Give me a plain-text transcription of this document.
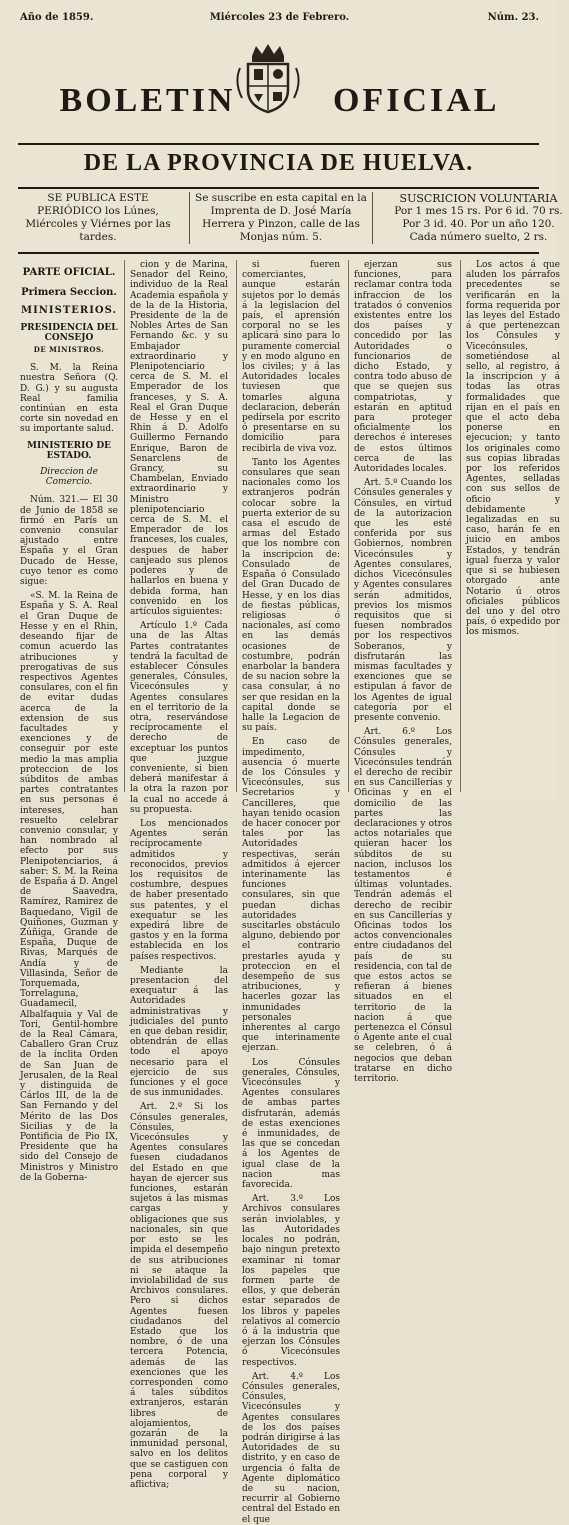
Año de 1859.	Miércoles 23 de Febrero.	Núm. 23.
BOLETIN	OFICIAL
DE LA PROVINCIA DE HUELVA.
SE PUBLICA ESTE PERIÓDICO los Lúnes, Miércoles y Viérnes por las tardes.
Se suscribe en esta capital en la Imprenta de D. José María Herrera y Pinzon, calle de las Monjas núm. 5.
SUSCRICION VOLUNTARIA
Por 1 mes 15 rs. Por 6 id. 70 rs.
Por 3 id. 40. Por un año 120.
Cada número suelto, 2 rs.
PARTE OFICIAL.
Primera Seccion.
MINISTERIOS.
PRESIDENCIA DEL CONSEJO
DE MINISTROS.

S. M. la Reina nuestra Señora (Q. D. G.) y su augusta Real familia continúan en esta corte sin novedad en su importante salud.

MINISTERIO DE ESTADO.
Direccion de Comercio.

Núm. 321.— El 30 de Junio de 1858 se firmó en París un convenio consular ajustado entre España y el Gran Ducado de Hesse, cuyo tenor es como sigue:

«S. M. la Reina de España y S. A. Real el Gran Duque de Hesse y en el Rhin, deseando fijar de comun acuerdo las atribuciones y prerogativas de sus respectivos Agentes consulares, con el fin de evitar dudas acerca de la extension de sus facultades y exenciones y de conseguir por este medio la mas amplia proteccion de los súbditos de ambas partes contratantes en sus personas é intereses, han resuelto celebrar convenio consular, y han nombrado al efecto por sus Plenipotenciarios, á saber: S. M. la Reina de España á D. Angel de Saavedra, Ramírez, Ramirez de Baquedano, Vigil de Quiñones, Guzman y Zúñiga, Grande de España, Duque de Rivas, Marqués de Andía y de Villasinda, Señor de Torquemada, Torrelaguna, Guadamecil, Albalfaquia y Val de Tori, Gentil-hombre de la Real Cámara, Caballero Gran Cruz de la ínclita Orden de San Juan de Jerusalen, de la Real y distinguida de Cárlos III, de la de San Fernando y del Mérito de las Dos Sicilias y de la Pontificia de Pio IX, Presidente que ha sido del Consejo de Ministros y Ministro de la Goberna-

cion y de Marina, Senador del Reino, individuo de la Real Academia española y de la de la Historia, Presidente de la de Nobles Artes de San Fernando &c. y su Embajador extraordinario y Plenipotenciario cerca de S. M. el Emperador de los franceses, y S. A. Real el Gran Duque de Hesse y en el Rhin á D. Adolfo Guillermo Fernando Enrique, Baron de Senarclens de Grancy, su Chambelan, Enviado extraordinario y Ministro plenipotenciario cerca de S. M. el Emperador de los franceses, los cuales, despues de haber canjeado sus plenos poderes y de hallarlos en buena y debida forma, han convenido en los artículos siguientes:

Artículo 1.º Cada una de las Altas Partes contratantes tendrá la facultad de establecer Cónsules generales, Cónsules, Vicecónsules y Agentes consulares en el territorio de la otra, reservándose recíprocamente el derecho de exceptuar los puntos que juzgue conveniente, si bien deberá manifestar á la otra la razon por la cual no accede á su propuesta.

Los mencionados Agentes serán recíprocamente admitidos y reconocidos, previos los requisitos de costumbre, despues de haber presentado sus patentes, y el exequatur se les expedirá libre de gastos y en la forma establecida en los países respectivos.

Mediante la presentacion del exequatur á las Autoridades administrativas y judiciales del punto en que deban residir, obtendrán de ellas todo el apoyo necesario para el ejercicio de sus funciones y el goce de sus inmunidades.

Art. 2.º Si los Cónsules generales, Cónsules, Vicecónsules y Agentes consulares fuesen ciudadanos del Estado en que hayan de ejercer sus funciones, estarán sujetos á las mismas cargas y obligaciones que sus nacionales, sin que por esto se les impida el desempeño de sus atribuciones ni se ataque la inviolabilidad de sus Archivos consulares. Pero si dichos Agentes fuesen ciudadanos del Estado que los nombre, ó de una tercera Potencia, además de las exenciones que les corresponden como á tales súbditos extranjeros, estarán libres de alojamientos, gozarán de la inmunidad personal, salvo en los delitos que se castiguen con pena corporal y aflictiva;

si fueren comerciantes, aunque estarán sujetos por lo demás á la legislacion del país, el aprensión corporal no se les aplicará sino para lo puramente comercial y en modo alguno en los civiles; y á las Autoridades locales tuviesen que tomarles alguna declaracion, deberán pedírsela por escrito ó presentarse en su domicilio para recibirla de viva voz.

Tanto los Agentes consulares que sean nacionales como los extranjeros podrán colocar sobre la puerta exterior de su casa el escudo de armas del Estado que los nombre con la inscripcion de: Consulado de España ó Consulado del Gran Ducado de Hesse, y en los dias de fiestas públicas, religiosas ó nacionales, así como en las demás ocasiones de costumbre, podrán enarbolar la bandera de su nacion sobre la casa consular, á no ser que residan en la capital donde se halle la Legacion de su país.

En caso de impedimento, ausencia ó muerte de los Cónsules y Vicecónsules, sus Secretarios y Cancilleres, que hayan tenido ocasion de hacer conocer por tales por las Autoridades respectivas, serán admitidos á ejercer interinamente las funciones consulares, sin que puedan dichas autoridades suscitarles obstáculo alguno, debiendo por el contrario prestarles ayuda y proteccion en el desempeño de sus atribuciones, y hacerles gozar las inmunidades personales inherentes al cargo que interinamente ejerzan.

Los Cónsules generales, Cónsules, Vicecónsules y Agentes consulares de ambas partes disfrutarán, además de estas exenciones é inmunidades, de las que se concedan á los Agentes de igual clase de la nacion mas favorecida.

Art. 3.º Los Archivos consulares serán inviolables, y las Autoridades locales no podrán, bajo ningun pretexto examinar ni tomar los papeles que formen parte de ellos, y que deberán estar separados de los libros y papeles relativos al comercio ó á la industria que ejerzan los Cónsules ó Vicecónsules respectivos.

Art. 4.º Los Cónsules generales, Cónsules, Vicecónsules y Agentes consulares de los dos países podrán dirigirse á las Autoridades de su distrito, y en caso de urgencia ó falta de Agente diplomático de su nacion, recurrir al Gobierno central del Estado en el que

ejerzan sus funciones, para reclamar contra toda infraccion de los tratados ó convenios existentes entre los dos países y concedido por las Autoridades o funcionarios de dicho Estado, y contra todo abuso de que se quejen sus compatriotas, y estarán en aptitud para proteger oficialmente los derechos é intereses de estos últimos cerca de las Autoridades locales.

Art. 5.º Cuando los Cónsules generales y Cónsules, en virtud de la autorizacion que les esté conferida por sus Gobiernos, nombren Vicecónsules y Agentes consulares, dichos Vicecónsules y Agentes consulares serán admitidos, previos los mismos requisitos que si fuesen nombrados por los respectivos Soberanos, y disfrutarán las mismas facultades y exenciones que se estipulan á favor de los Agentes de igual categoría por el presente convenio.

Art. 6.º Los Cónsules generales, Cónsules y Vicecónsules tendrán el derecho de recibir en sus Cancillerías y Oficinas y en el domicilio de las partes las declaraciones y otros actos notariales que quieran hacer los súbditos de su nacion, inclusos los testamentos é últimas voluntades. Tendrán además el derecho de recibir en sus Cancillerías y Oficinas todos los actos convencionales entre ciudadanos del país de su residencia, con tal de que estos actos se refieran á bienes situados en el territorio de la nacion á que pertenezca el Cónsul ó Agente ante el cual se celebren, ó á negocios que deban tratarse en dicho territorio.

Los actos á que aluden los párrafos precedentes se verificarán en la forma requerida por las leyes del Estado á que pertenezcan los Cónsules y Vicecónsules, sometiéndose al sello, al registro, á la inscripcion y á todas las otras formalidades que rijan en el país en que el acto deba ponerse en ejecucion; y tanto los originales como sus copias libradas por los referidos Agentes, selladas con sus sellos de oficio y debidamente legalizadas en su caso, harán fe en juicio en ambos Estados, y tendrán igual fuerza y valor que si se hubiesen otorgado ante Notario ú otros oficiales públicos del uno y del otro país, ó expedido por los mismos.
